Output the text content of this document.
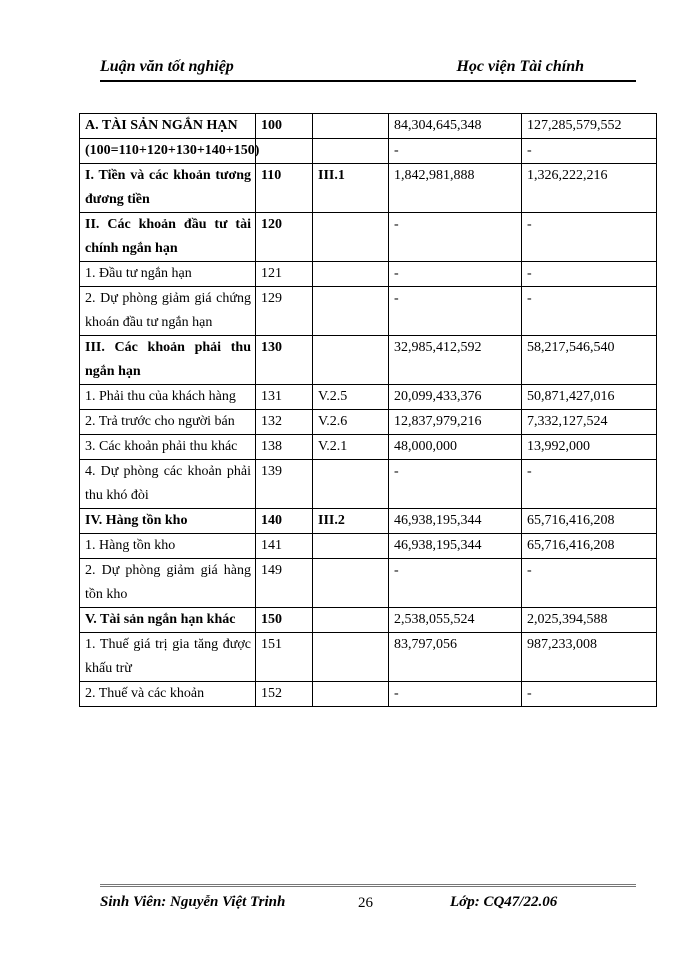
Luận văn tốt nghiệp	Học viện Tài chính
A. TÀI SẢN NGẮN HẠN	100		84,304,645,348	127,285,579,552
(100=110+120+130+140+150)			-	-
I. Tiền và các khoản tương đương tiền	110	III.1	1,842,981,888	1,326,222,216
II. Các khoản đầu tư tài chính ngắn hạn	120		-	-
1. Đầu tư ngắn hạn	121		-	-
2. Dự phòng giảm giá chứng khoán đầu tư ngắn hạn	129		-	-
III. Các khoản phải thu ngắn hạn	130		32,985,412,592	58,217,546,540
1. Phải thu của khách hàng	131	V.2.5	20,099,433,376	50,871,427,016
2. Trả trước cho người bán	132	V.2.6	12,837,979,216	7,332,127,524
3. Các khoản phải thu khác	138	V.2.1	48,000,000	13,992,000
4. Dự phòng các khoản phải thu khó đòi	139		-	-
IV. Hàng tồn kho	140	III.2	46,938,195,344	65,716,416,208
1. Hàng tồn kho	141		46,938,195,344	65,716,416,208
2. Dự phòng giảm giá hàng tồn kho	149		-	-
V. Tài sản ngắn hạn khác	150		2,538,055,524	2,025,394,588
1. Thuế giá trị gia tăng được khấu trừ	151		83,797,056	987,233,008
2. Thuế và các khoản	152		-	-
Sinh Viên: Nguyễn Việt Trinh	26	Lớp: CQ47/22.06
